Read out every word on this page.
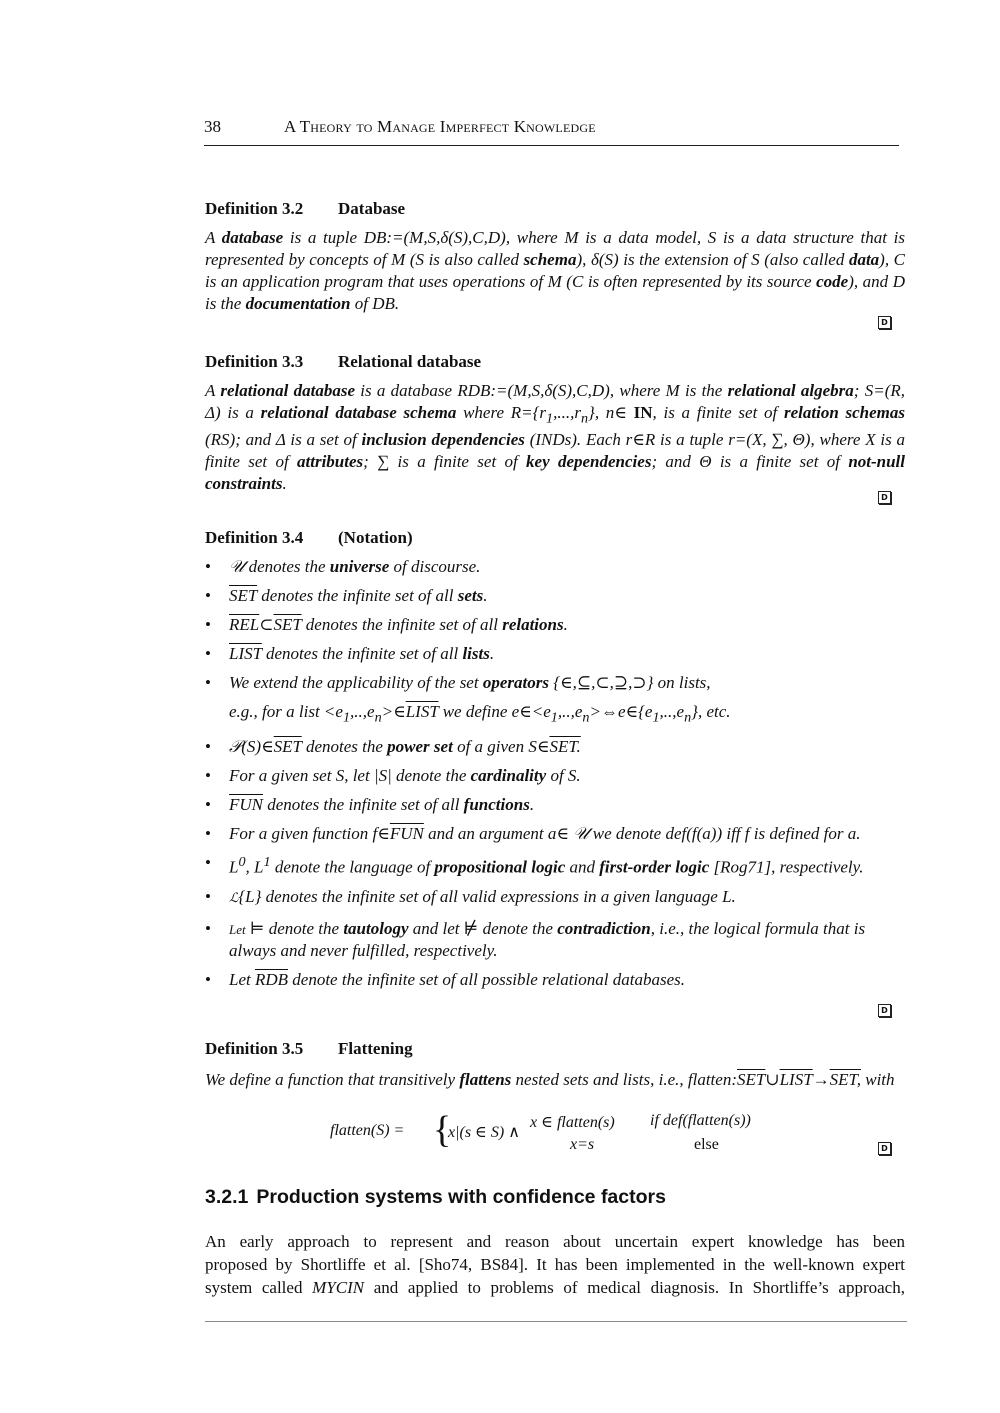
38	A Theory to Manage Imperfect Knowledge
Definition 3.2 Database
A database is a tuple DB:=(M,S,δ(S),C,D), where M is a data model, S is a data structure that is represented by concepts of M (S is also called schema), δ(S) is the extension of S (also called data), C is an application program that uses operations of M (C is often represented by its source code), and D is the documentation of DB.
D
Definition 3.3 Relational database
A relational database is a database RDB:=(M,S,δ(S),C,D), where M is the relational algebra; S=(R, Δ) is a relational database schema where $R=\{r_1,...,r_n\}$, n∈ IN, is a finite set of relation schemas (RS); and Δ is a set of inclusion dependencies (INDs). Each r∈R is a tuple r=(X, ∑, Θ), where X is a finite set of attributes; ∑ is a finite set of key dependencies; and Θ is a finite set of not-null constraints.
D
Definition 3.4 (Notation)
• 𝒰 denotes the universe of discourse.
• $\overline{SET}$ denotes the infinite set of all sets.
• $\overline{REL}\subset\overline{SET}$ denotes the infinite set of all relations.
• LIST denotes the infinite set of all lists.
• We extend the applicability of the set operators {∈,⊆,⊂,⊇,⊃} on lists,
e.g., for a list $<e_1,..,e_n>\in LIST$ we define $e\in<e_1,..,e_n>\Leftrightarrow e\in\{e_1,..,e_n\}$, etc.
• $𝒫(S)\in\overline{SET}$ denotes the power set of a given S∈SET.
• For a given set S, let |S| denote the cardinality of S.
• $\overline{FUN}$ denotes the infinite set of all functions.
• For a given function $f\in\overline{FUN}$ and an argument a∈ 𝒰 we denote def(f(a)) iff f is defined for a.
• $L^0$, $L^1$ denote the language of propositional logic and first-order logic [Rog71], respectively.
• ℒ{L} denotes the infinite set of all valid expressions in a given language L.
• Let ⊨ denote the tautology and let ⊭ denote the contradiction, i.e., the logical formula that is always and never fulfilled, respectively.
• Let $\overline{RDB}$ denote the infinite set of all possible relational databases.
D
Definition 3.5 Flattening
We define a function that transitively flattens nested sets and lists, i.e., $flatten:\overline{SET}\cup LIST\to SET$, with
flatten(S) = {
x|(s ∈ S) ∧
x ∈ flatten(s) if def(flatten(s))
x=s	else	D
3.2.1 Production systems with confidence factors
An early approach to represent and reason about uncertain expert knowledge has been
proposed by Shortliffe et al. [Sho74, BS84]. It has been implemented in the well-known expert
system called MYCIN and applied to problems of medical diagnosis. In Shortliffe’s approach,
